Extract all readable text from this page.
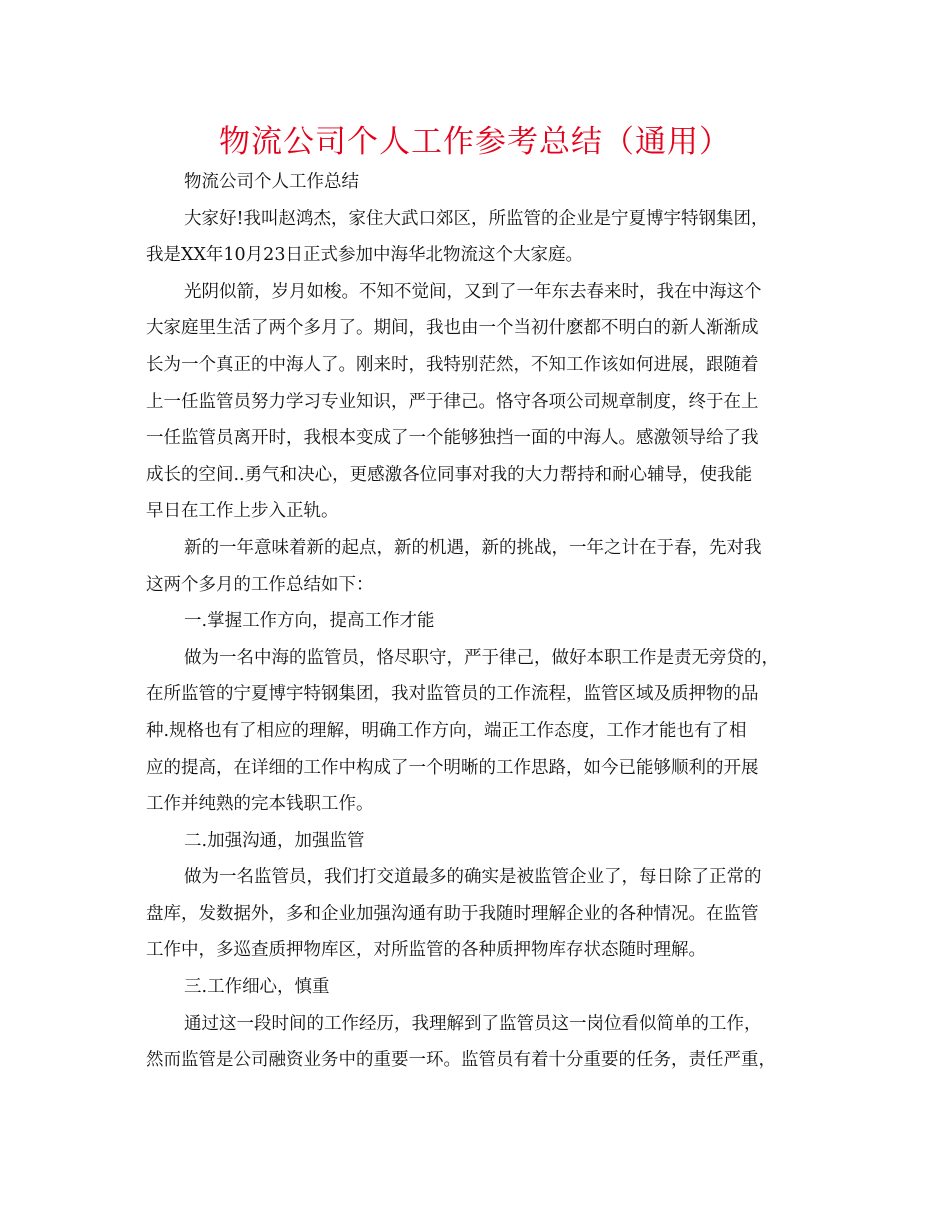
物流公司个人工作参考总结（通用）
物流公司个人工作总结
大家好!我叫赵鸿杰，家住大武口郊区，所监管的企业是宁夏博宇特钢集团，
我是XX年10月23日正式参加中海华北物流这个大家庭。
光阴似箭，岁月如梭。不知不觉间，又到了一年东去春来时，我在中海这个
大家庭里生活了两个多月了。期间，我也由一个当初什麽都不明白的新人渐渐成
长为一个真正的中海人了。刚来时，我特别茫然，不知工作该如何进展，跟随着
上一任监管员努力学习专业知识，严于律己。恪守各项公司规章制度，终于在上
一任监管员离开时，我根本变成了一个能够独挡一面的中海人。感激领导给了我
成长的空间..勇气和决心，更感激各位同事对我的大力帮持和耐心辅导，使我能
早日在工作上步入正轨。
新的一年意味着新的起点，新的机遇，新的挑战，一年之计在于春，先对我
这两个多月的工作总结如下：
一.掌握工作方向，提高工作才能
做为一名中海的监管员，恪尽职守，严于律己，做好本职工作是责无旁贷的，
在所监管的宁夏博宇特钢集团，我对监管员的工作流程，监管区域及质押物的品
种.规格也有了相应的理解，明确工作方向，端正工作态度，工作才能也有了相
应的提高，在详细的工作中构成了一个明晰的工作思路，如今已能够顺利的开展
工作并纯熟的完本钱职工作。
二.加强沟通，加强监管
做为一名监管员，我们打交道最多的确实是被监管企业了，每日除了正常的
盘库，发数据外，多和企业加强沟通有助于我随时理解企业的各种情况。在监管
工作中，多巡查质押物库区，对所监管的各种质押物库存状态随时理解。
三.工作细心，慎重
通过这一段时间的工作经历，我理解到了监管员这一岗位看似简单的工作，
然而监管是公司融资业务中的重要一环。监管员有着十分重要的任务，责任严重，
